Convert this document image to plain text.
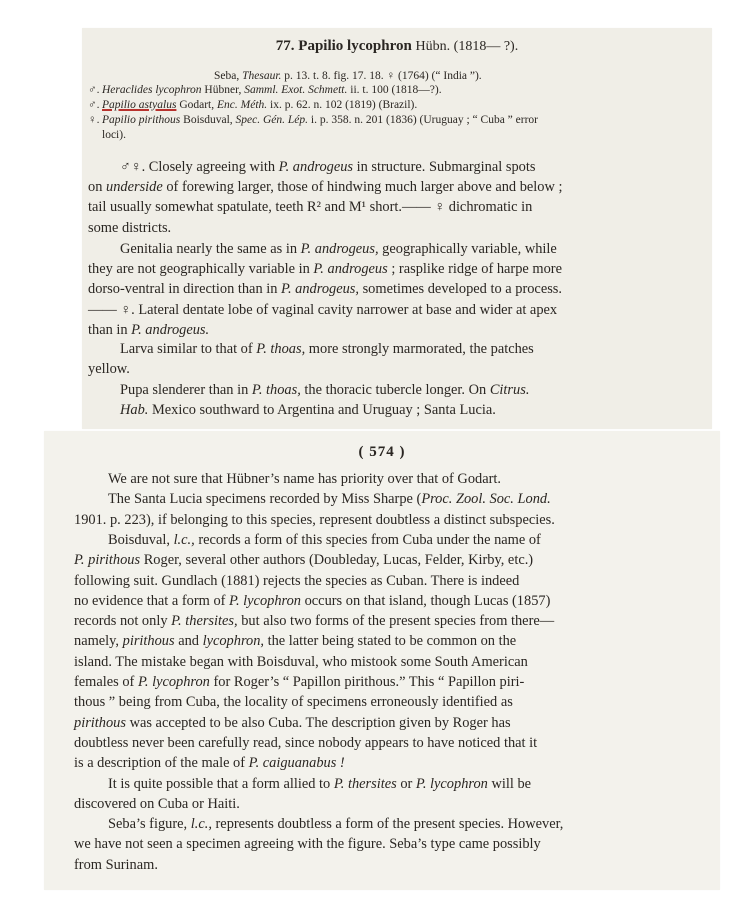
77. Papilio lycophron Hübn. (1818— ?).
Seba, Thesaur. p. 13. t. 8. fig. 17. 18. ♀ (1764) (“ India ”).
♂. Heraclides lycophron Hübner, Samml. Exot. Schmett. ii. t. 100 (1818—?).
♂. Papilio astyalus Godart, Enc. Méth. ix. p. 62. n. 102 (1819) (Brazil).
♀. Papilio pirithous Boisduval, Spec. Gén. Lép. i. p. 358. n. 201 (1836) (Uruguay ; “ Cuba ” error
loci).
♂♀. Closely agreeing with P. androgeus in structure. Submarginal spots
on underside of forewing larger, those of hindwing much larger above and below ;
tail usually somewhat spatulate, teeth R² and M¹ short.—— ♀ dichromatic in
some districts.
Genitalia nearly the same as in P. androgeus, geographically variable, while
they are not geographically variable in P. androgeus ; rasplike ridge of harpe more
dorso-ventral in direction than in P. androgeus, sometimes developed to a process.
—— ♀. Lateral dentate lobe of vaginal cavity narrower at base and wider at apex
than in P. androgeus.
Larva similar to that of P. thoas, more strongly marmorated, the patches
yellow.
Pupa slenderer than in P. thoas, the thoracic tubercle longer. On Citrus.
Hab. Mexico southward to Argentina and Uruguay ; Santa Lucia.
( 574 )
We are not sure that Hübner’s name has priority over that of Godart.
The Santa Lucia specimens recorded by Miss Sharpe (Proc. Zool. Soc. Lond.
1901. p. 223), if belonging to this species, represent doubtless a distinct subspecies.
Boisduval, l.c., records a form of this species from Cuba under the name of
P. pirithous Roger, several other authors (Doubleday, Lucas, Felder, Kirby, etc.)
following suit. Gundlach (1881) rejects the species as Cuban. There is indeed
no evidence that a form of P. lycophron occurs on that island, though Lucas (1857)
records not only P. thersites, but also two forms of the present species from there—
namely, pirithous and lycophron, the latter being stated to be common on the
island. The mistake began with Boisduval, who mistook some South American
females of P. lycophron for Roger’s “ Papillon pirithous.” This “ Papillon piri-
thous ” being from Cuba, the locality of specimens erroneously identified as
pirithous was accepted to be also Cuba. The description given by Roger has
doubtless never been carefully read, since nobody appears to have noticed that it
is a description of the male of P. caiguanabus !
It is quite possible that a form allied to P. thersites or P. lycophron will be
discovered on Cuba or Haiti.
Seba’s figure, l.c., represents doubtless a form of the present species. However,
we have not seen a specimen agreeing with the figure. Seba’s type came possibly
from Surinam.
